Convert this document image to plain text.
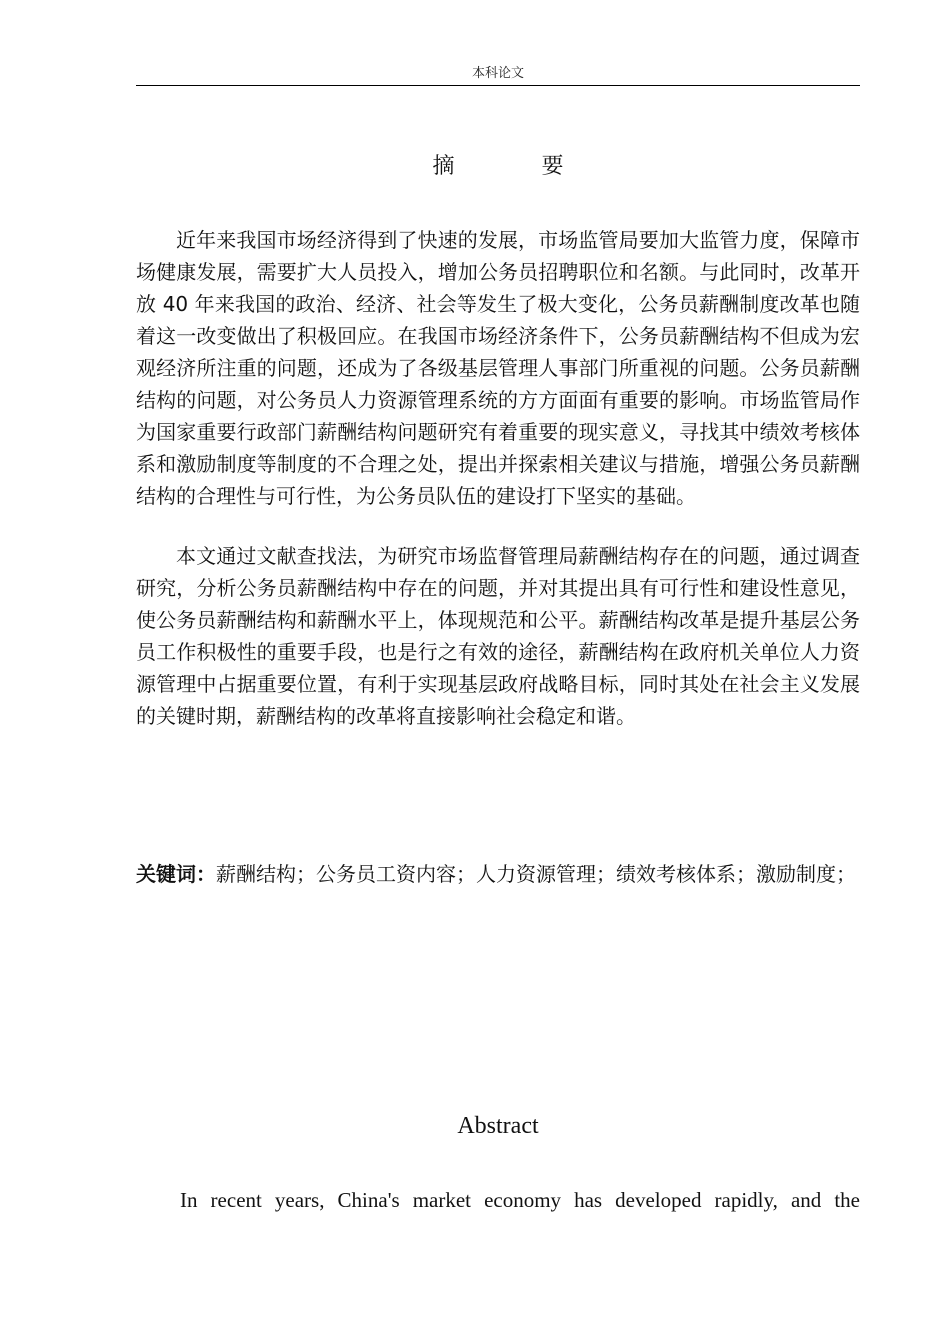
本科论文
摘 要

近年来我国市场经济得到了快速的发展，市场监管局要加大监管力度，保障市场健康发展，需要扩大人员投入，增加公务员招聘职位和名额。与此同时，改革开放 40 年来我国的政治、经济、社会等发生了极大变化，公务员薪酬制度改革也随着这一改变做出了积极回应。在我国市场经济条件下，公务员薪酬结构不但成为宏观经济所注重的问题，还成为了各级基层管理人事部门所重视的问题。公务员薪酬结构的问题，对公务员人力资源管理系统的方方面面有重要的影响。市场监管局作为国家重要行政部门薪酬结构问题研究有着重要的现实意义，寻找其中绩效考核体系和激励制度等制度的不合理之处，提出并探索相关建议与措施，增强公务员薪酬结构的合理性与可行性，为公务员队伍的建设打下坚实的基础。

本文通过文献查找法，为研究市场监督管理局薪酬结构存在的问题，通过调查研究，分析公务员薪酬结构中存在的问题，并对其提出具有可行性和建设性意见，使公务员薪酬结构和薪酬水平上，体现规范和公平。薪酬结构改革是提升基层公务员工作积极性的重要手段，也是行之有效的途径，薪酬结构在政府机关单位人力资源管理中占据重要位置，有利于实现基层政府战略目标，同时其处在社会主义发展的关键时期，薪酬结构的改革将直接影响社会稳定和谐。

关键词：薪酬结构；公务员工资内容；人力资源管理；绩效考核体系；激励制度；
Abstract
In recent years, China's market economy has developed rapidly, and the
